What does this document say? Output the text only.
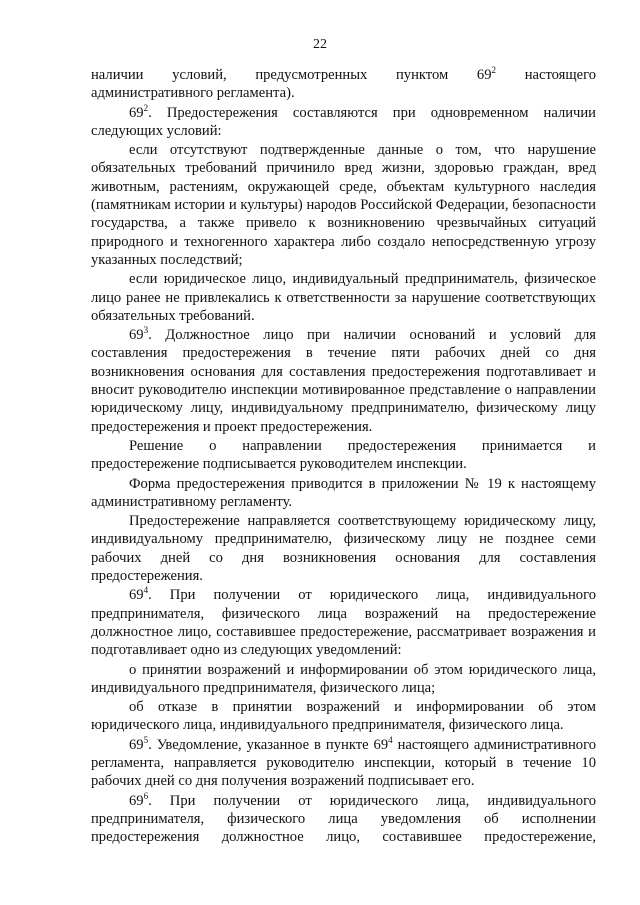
22

наличии условий, предусмотренных пунктом $69^2$ настоящего административного регламента).

$69^2$. Предостережения составляются при одновременном наличии следующих условий:

если отсутствуют подтвержденные данные о том, что нарушение обязательных требований причинило вред жизни, здоровью граждан, вред животным, растениям, окружающей среде, объектам культурного наследия (памятникам истории и культуры) народов Российской Федерации, безопасности государства, а также привело к возникновению чрезвычайных ситуаций природного и техногенного характера либо создало непосредственную угрозу указанных последствий;

если юридическое лицо, индивидуальный предприниматель, физическое лицо ранее не привлекались к ответственности за нарушение соответствующих обязательных требований.

$69^3$. Должностное лицо при наличии оснований и условий для составления предостережения в течение пяти рабочих дней со дня возникновения основания для составления предостережения подготавливает и вносит руководителю инспекции мотивированное представление о направлении юридическому лицу, индивидуальному предпринимателю, физическому лицу предостережения и проект предостережения.

Решение о направлении предостережения принимается и предостережение подписывается руководителем инспекции.

Форма предостережения приводится в приложении № 19 к настоящему административному регламенту.

Предостережение направляется соответствующему юридическому лицу, индивидуальному предпринимателю, физическому лицу не позднее семи рабочих дней со дня возникновения основания для составления предостережения.

$69^4$. При получении от юридического лица, индивидуального предпринимателя, физического лица возражений на предостережение должностное лицо, составившее предостережение, рассматривает возражения и подготавливает одно из следующих уведомлений:

о принятии возражений и информировании об этом юридического лица, индивидуального предпринимателя, физического лица;

об отказе в принятии возражений и информировании об этом юридического лица, индивидуального предпринимателя, физического лица.

$69^5$. Уведомление, указанное в пункте $69^4$ настоящего административного регламента, направляется руководителю инспекции, который в течение 10 рабочих дней со дня получения возражений подписывает его.

$69^6$. При получении от юридического лица, индивидуального предпринимателя, физического лица уведомления об исполнении предостережения должностное лицо, составившее предостережение,
